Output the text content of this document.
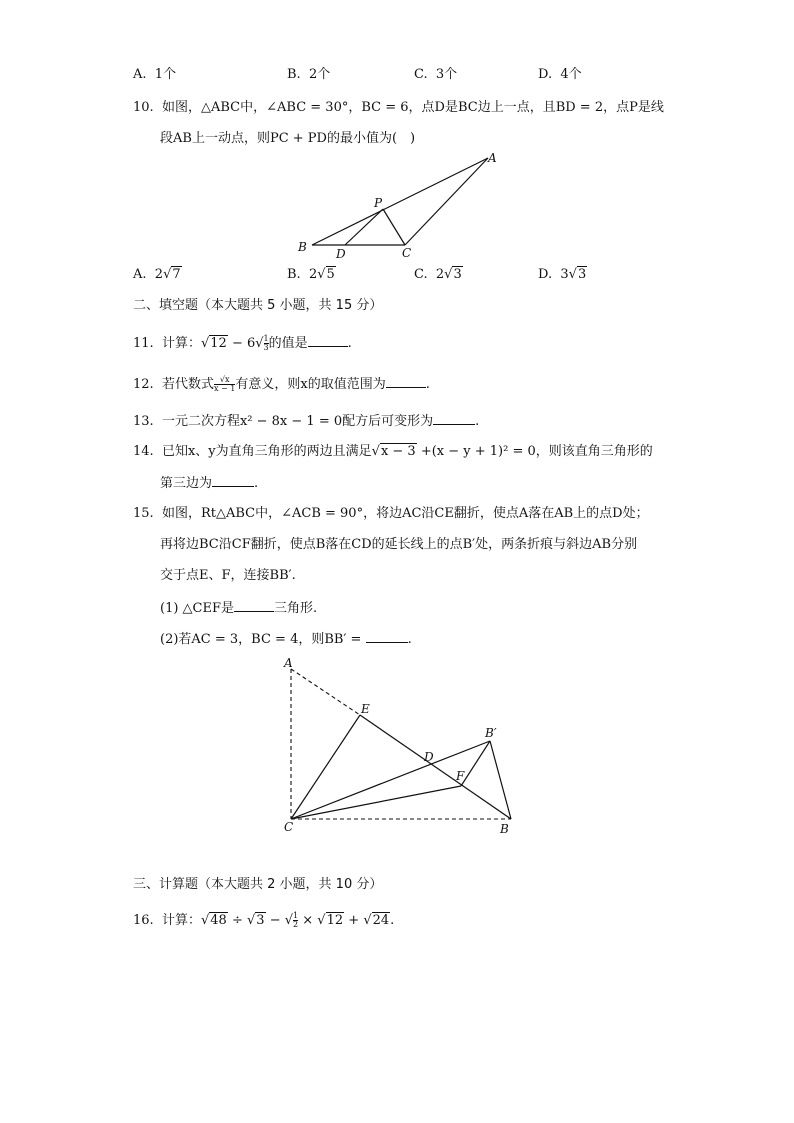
A. 1个	B. 2个	C. 3个	D. 4个
10. 如图，△ABC中，∠ABC = 30°，BC = 6，点D是BC边上一点，且BD = 2，点P是线
段AB上一动点，则PC + PD的最小值为(　)
A
B	C
D
P
A. 2√7	B. 2√5	C. 2√3	D. 3√3
二、填空题（本大题共 5 小题，共 15 分）
11. 计算：$√12 - 6√ \frac{1}{3}$ 的值是	.
12. 若代数式 $\frac{√x}{x - 1}$ 有意义，则x的取值范围为	.
13. 一元二次方程x² − 8x − 1 = 0配方后可变形为	.
14. 已知x、y为直角三角形的两边且满足√x − 3 +(x − y + 1)² = 0，则该直角三角形的
第三边为	.
15. 如图，Rt△ABC中，∠ACB = 90°，将边AC沿CE翻折，使点A落在AB上的点D处；
再将边BC沿CF翻折，使点B落在CD的延长线上的点B′处，两条折痕与斜边AB分别
交于点E、F，连接BB′.
(1) △CEF是	三角形.
(2)若AC = 3，BC = 4，则BB′ =	.
A
E
D
F
B′
C	B
三、计算题（本大题共 2 小题，共 10 分）
16. 计算：√48 ÷ √3 − √ $\frac{1}{2} \times √12 + √24$.
